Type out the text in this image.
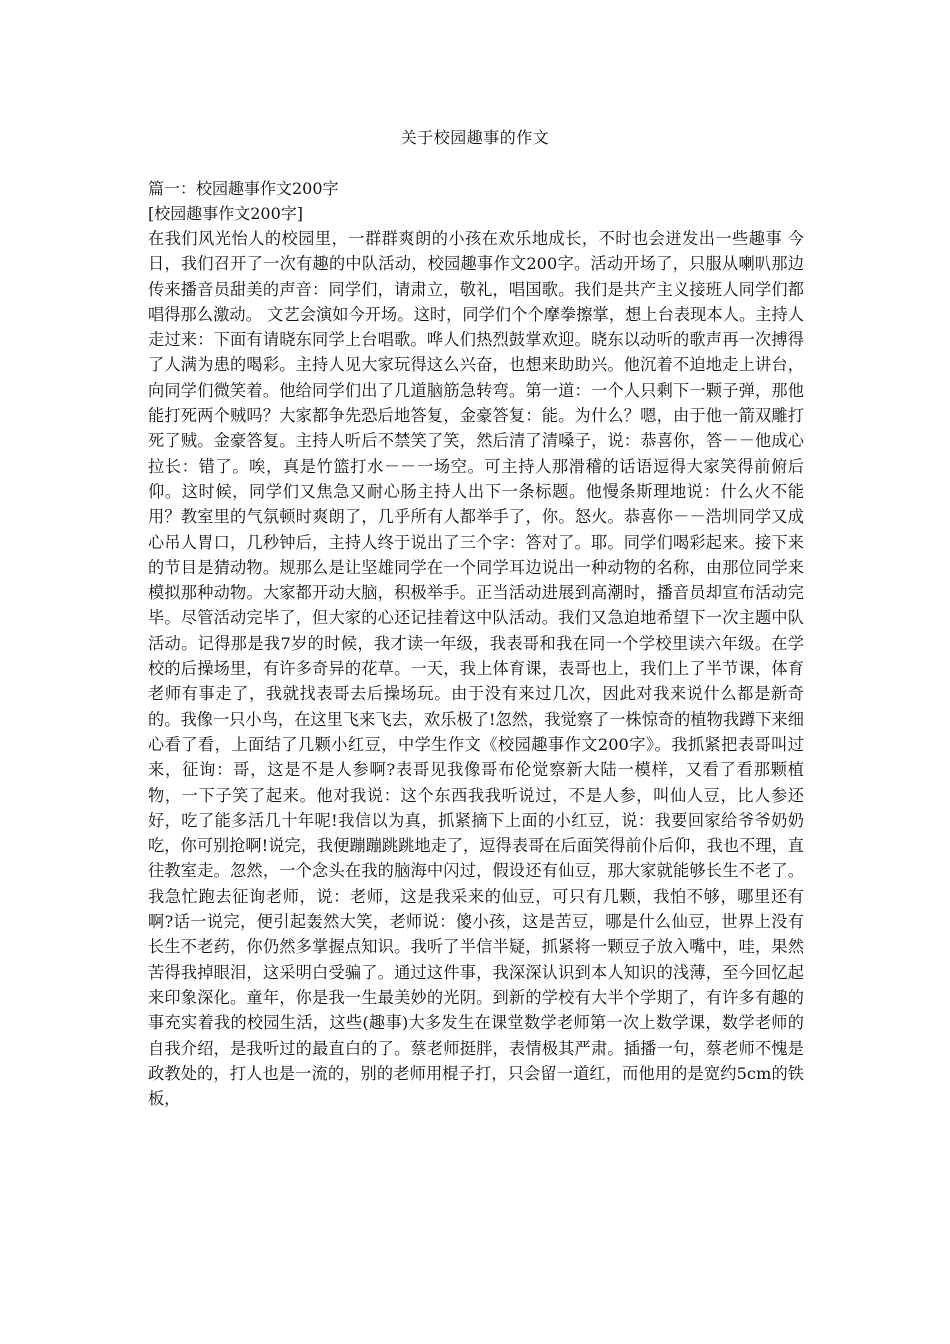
关于校园趣事的作文
篇一：校园趣事作文200字
[校园趣事作文200字]

在我们风光怡人的校园里，一群群爽朗的小孩在欢乐地成长，不时也会迸发出一些趣事 今日，我们召开了一次有趣的中队活动，校园趣事作文200字。活动开场了，只服从喇叭那边传来播音员甜美的声音：同学们，请肃立，敬礼，唱国歌。我们是共产主义接班人同学们都唱得那么激动。 文艺会演如今开场。这时，同学们个个摩拳擦掌，想上台表现本人。主持人走过来：下面有请晓东同学上台唱歌。哗人们热烈鼓掌欢迎。晓东以动听的歌声再一次搏得了人满为患的喝彩。主持人见大家玩得这么兴奋，也想来助助兴。他沉着不迫地走上讲台，向同学们微笑着。他给同学们出了几道脑筋急转弯。第一道：一个人只剩下一颗子弹，那他能打死两个贼吗？大家都争先恐后地答复，金豪答复：能。为什么？嗯，由于他一箭双雕打死了贼。金豪答复。主持人听后不禁笑了笑，然后清了清嗓子，说：恭喜你，答－－他成心拉长：错了。唉，真是竹篮打水－－一场空。可主持人那滑稽的话语逗得大家笑得前俯后仰。这时候，同学们又焦急又耐心肠主持人出下一条标题。他慢条斯理地说：什么火不能用？教室里的气氛顿时爽朗了，几乎所有人都举手了，你。怒火。恭喜你－－浩圳同学又成心吊人胃口，几秒钟后，主持人终于说出了三个字：答对了。耶。同学们喝彩起来。接下来的节目是猜动物。规那么是让坚雄同学在一个同学耳边说出一种动物的名称，由那位同学来模拟那种动物。大家都开动大脑，积极举手。正当活动进展到高潮时，播音员却宣布活动完毕。尽管活动完毕了，但大家的心还记挂着这中队活动。我们又急迫地希望下一次主题中队活动。记得那是我7岁的时候，我才读一年级，我表哥和我在同一个学校里读六年级。在学校的后操场里，有许多奇异的花草。一天，我上体育课，表哥也上，我们上了半节课，体育老师有事走了，我就找表哥去后操场玩。由于没有来过几次，因此对我来说什么都是新奇的。我像一只小鸟，在这里飞来飞去，欢乐极了!忽然，我觉察了一株惊奇的植物我蹲下来细心看了看，上面结了几颗小红豆，中学生作文《校园趣事作文200字》。我抓紧把表哥叫过来，征询：哥，这是不是人参啊?表哥见我像哥布伦觉察新大陆一模样，又看了看那颗植物，一下子笑了起来。他对我说：这个东西我我听说过，不是人参，叫仙人豆，比人参还好，吃了能多活几十年呢!我信以为真，抓紧摘下上面的小红豆，说：我要回家给爷爷奶奶吃，你可别抢啊!说完，我便蹦蹦跳跳地走了，逗得表哥在后面笑得前仆后仰，我也不理，直往教室走。忽然，一个念头在我的脑海中闪过，假设还有仙豆，那大家就能够长生不老了。我急忙跑去征询老师，说：老师，这是我采来的仙豆，可只有几颗，我怕不够，哪里还有啊?话一说完，便引起轰然大笑，老师说：傻小孩，这是苦豆，哪是什么仙豆，世界上没有长生不老药，你仍然多掌握点知识。我听了半信半疑，抓紧将一颗豆子放入嘴中，哇，果然苦得我掉眼泪，这采明白受骗了。通过这件事，我深深认识到本人知识的浅薄，至今回忆起来印象深化。童年，你是我一生最美妙的光阴。到新的学校有大半个学期了，有许多有趣的事充实着我的校园生活，这些(趣事)大多发生在课堂数学老师第一次上数学课，数学老师的自我介绍，是我听过的最直白的了。蔡老师挺胖，表情极其严肃。插播一句，蔡老师不愧是政教处的，打人也是一流的，别的老师用棍子打，只会留一道红，而他用的是宽约5cm的铁板，
